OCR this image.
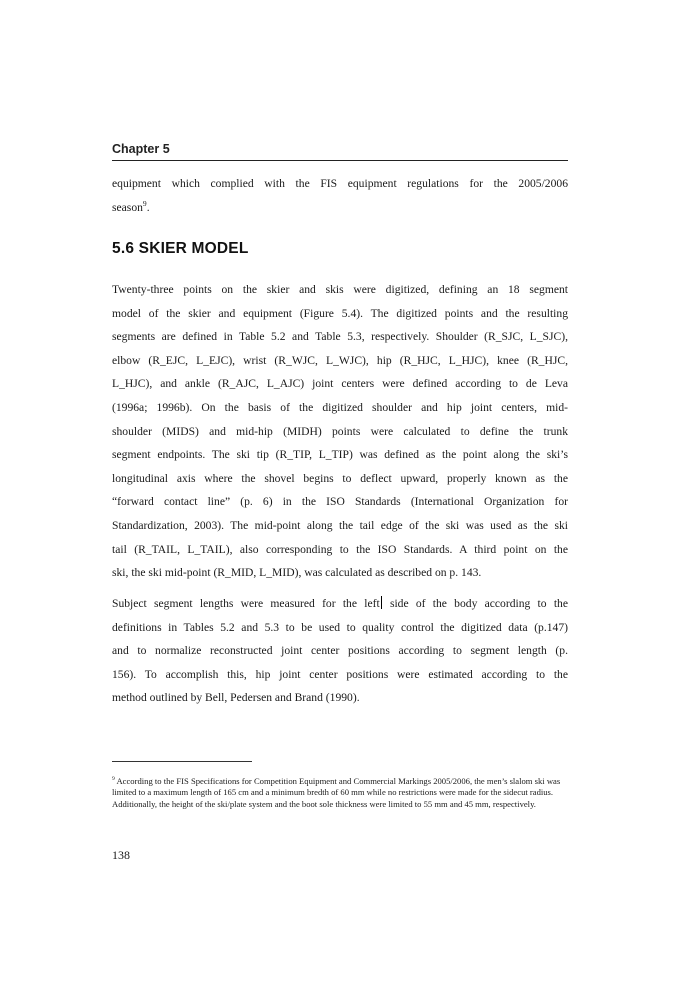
Chapter 5

equipment which complied with the FIS equipment regulations for the 2005/2006
season$^9$.

5.6 SKIER MODEL

Twenty-three points on the skier and skis were digitized, defining an 18 segment
model of the skier and equipment (Figure 5.4). The digitized points and the resulting
segments are defined in Table 5.2 and Table 5.3, respectively. Shoulder (R_SJC, L_SJC),
elbow (R_EJC, L_EJC), wrist (R_WJC, L_WJC), hip (R_HJC, L_HJC), knee (R_HJC,
L_HJC), and ankle (R_AJC, L_AJC) joint centers were defined according to de Leva
(1996a; 1996b). On the basis of the digitized shoulder and hip joint centers, mid-
shoulder (MIDS) and mid-hip (MIDH) points were calculated to define the trunk
segment endpoints. The ski tip (R_TIP, L_TIP) was defined as the point along the ski’s
longitudinal axis where the shovel begins to deflect upward, properly known as the
“forward contact line” (p. 6) in the ISO Standards (International Organization for
Standardization, 2003). The mid-point along the tail edge of the ski was used as the ski
tail (R_TAIL, L_TAIL), also corresponding to the ISO Standards. A third point on the
ski, the ski mid-point (R_MID, L_MID), was calculated as described on p. 143.

Subject segment lengths were measured for the left side of the body according to the
definitions in Tables 5.2 and 5.3 to be used to quality control the digitized data (p.147)
and to normalize reconstructed joint center positions according to segment length (p.
156). To accomplish this, hip joint center positions were estimated according to the
method outlined by Bell, Pedersen and Brand (1990).

$^9$ According to the FIS Specifications for Competition Equipment and Commercial Markings 2005/2006, the men’s slalom ski was limited to a maximum length of 165 cm and a minimum bredth of 60 mm while no restrictions were made for the sidecut radius. Additionally, the height of the ski/plate system and the boot sole thickness were limited to 55 mm and 45 mm, respectively.

138
